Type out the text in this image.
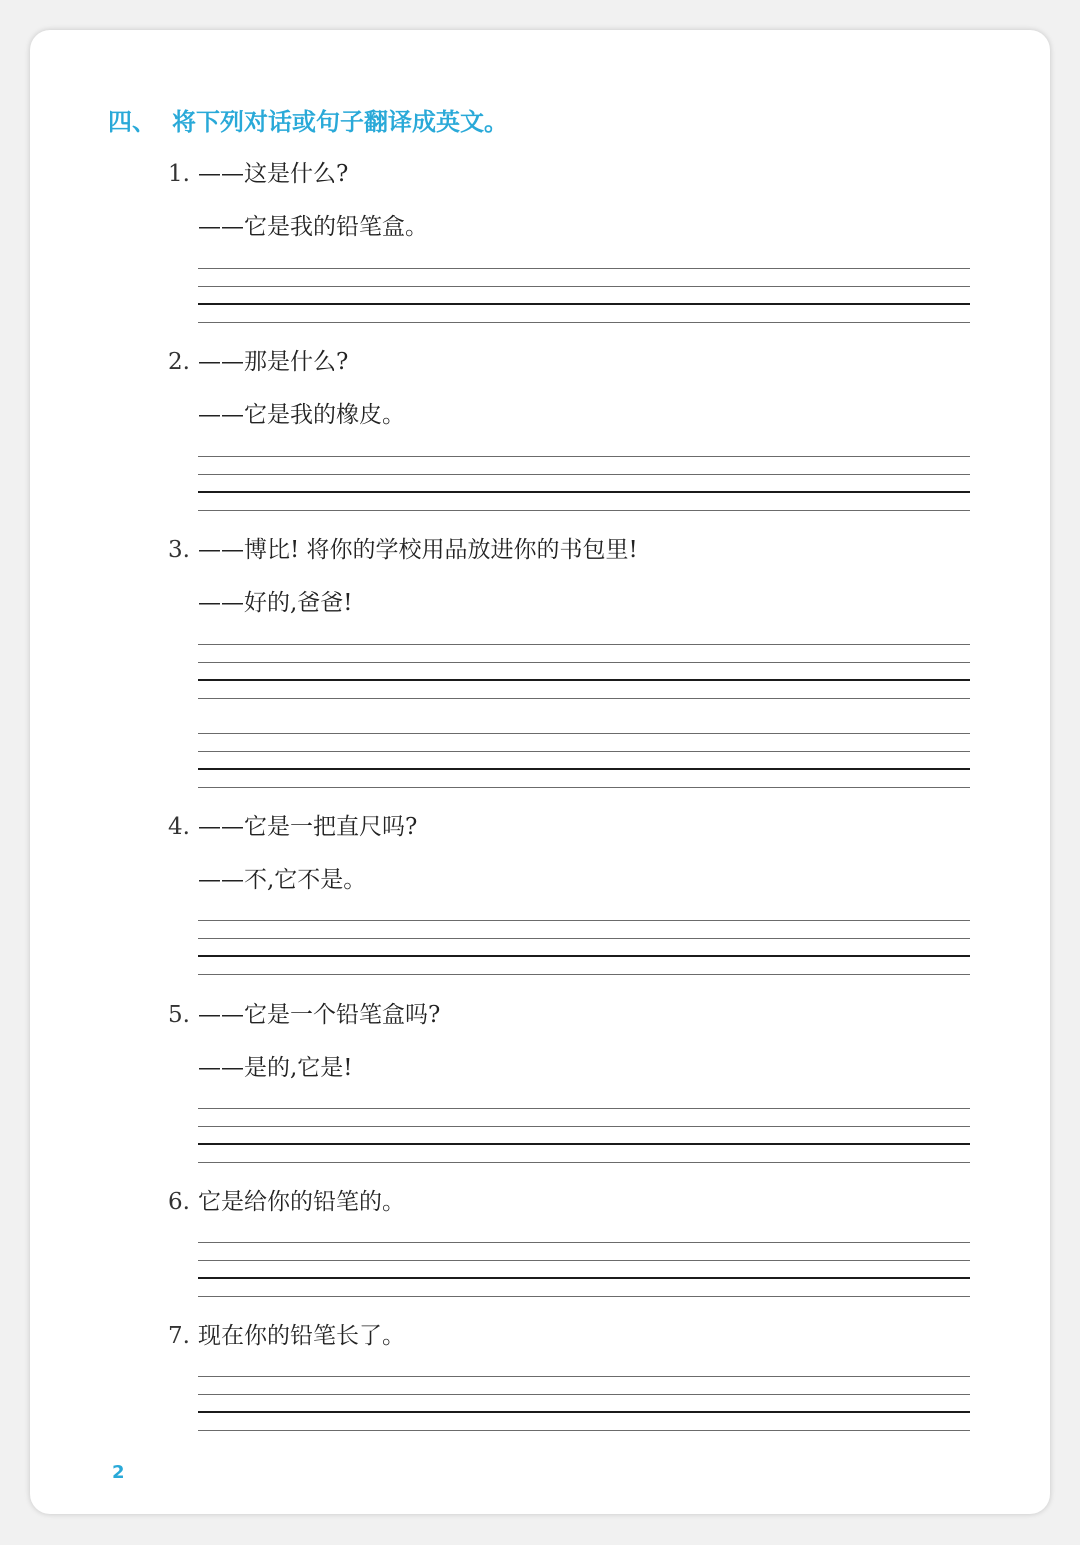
四、 将下列对话或句子翻译成英文。
1. ——这是什么?
——它是我的铅笔盒。
2. ——那是什么?
——它是我的橡皮。
3. ——博比! 将你的学校用品放进你的书包里!
——好的,爸爸!
4. ——它是一把直尺吗?
——不,它不是。
5. ——它是一个铅笔盒吗?
——是的,它是!
6. 它是给你的铅笔的。
7. 现在你的铅笔长了。
2
